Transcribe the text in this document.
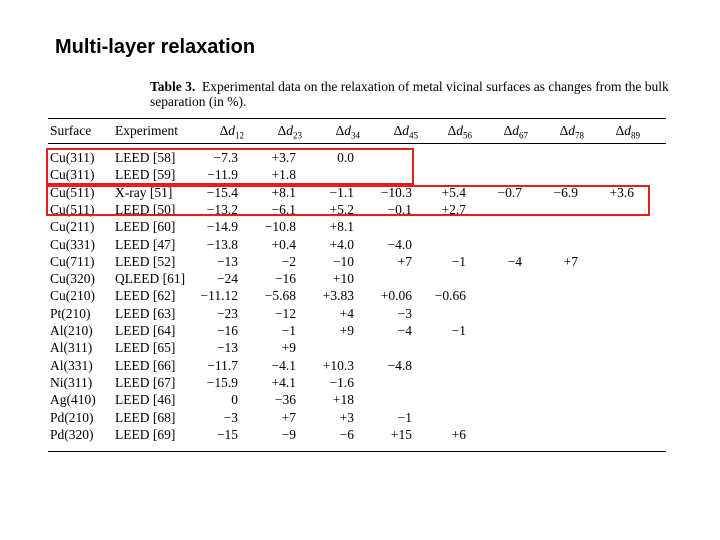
Multi-layer relaxation
Table 3. Experimental data on the relaxation of metal vicinal surfaces as changes from the bulk separation (in %).
Surface Experiment	$\Delta d_{12}$ $\Delta d_{23}$ $\Delta d_{34}$ $\Delta d_{45}$ $\Delta d_{56}$ $\Delta d_{67}$ $\Delta d_{78}$ $\Delta d_{89}$
Cu(311) LEED [58]	−7.3 +3.7	0.0
Cu(311) LEED [59] −11.9 +1.8
Cu(511) X-ray [51]	−15.4 +8.1 −1.1 −10.3 +5.4 −0.7 −6.9 +3.6
Cu(511) LEED [50] −13.2 −6.1 +5.2 −0.1 +2.7
Cu(211) LEED [60] −14.9 −10.8 +8.1
Cu(331) LEED [47] −13.8 +0.4 +4.0 −4.0
Cu(711) LEED [52]	−13	−2	−10	+7	−1	−4	+7
Cu(320) QLEED [61] −24	−16	+10
Cu(210) LEED [62] −11.12 −5.68 +3.83 +0.06 −0.66
Pt(210) LEED [63]	−23	−12	+4	−3
Al(210) LEED [64]	−16	−1	+9	−4	−1
Al(311) LEED [65]	−13	+9
Al(331) LEED [66] −11.7 −4.1 +10.3 −4.8
Ni(311) LEED [67] −15.9 +4.1 −1.6
Ag(410) LEED [46]	0	−36	+18
Pd(210) LEED [68]	−3	+7	+3	−1
Pd(320) LEED [69]	−15	−9	−6	+15	+6
